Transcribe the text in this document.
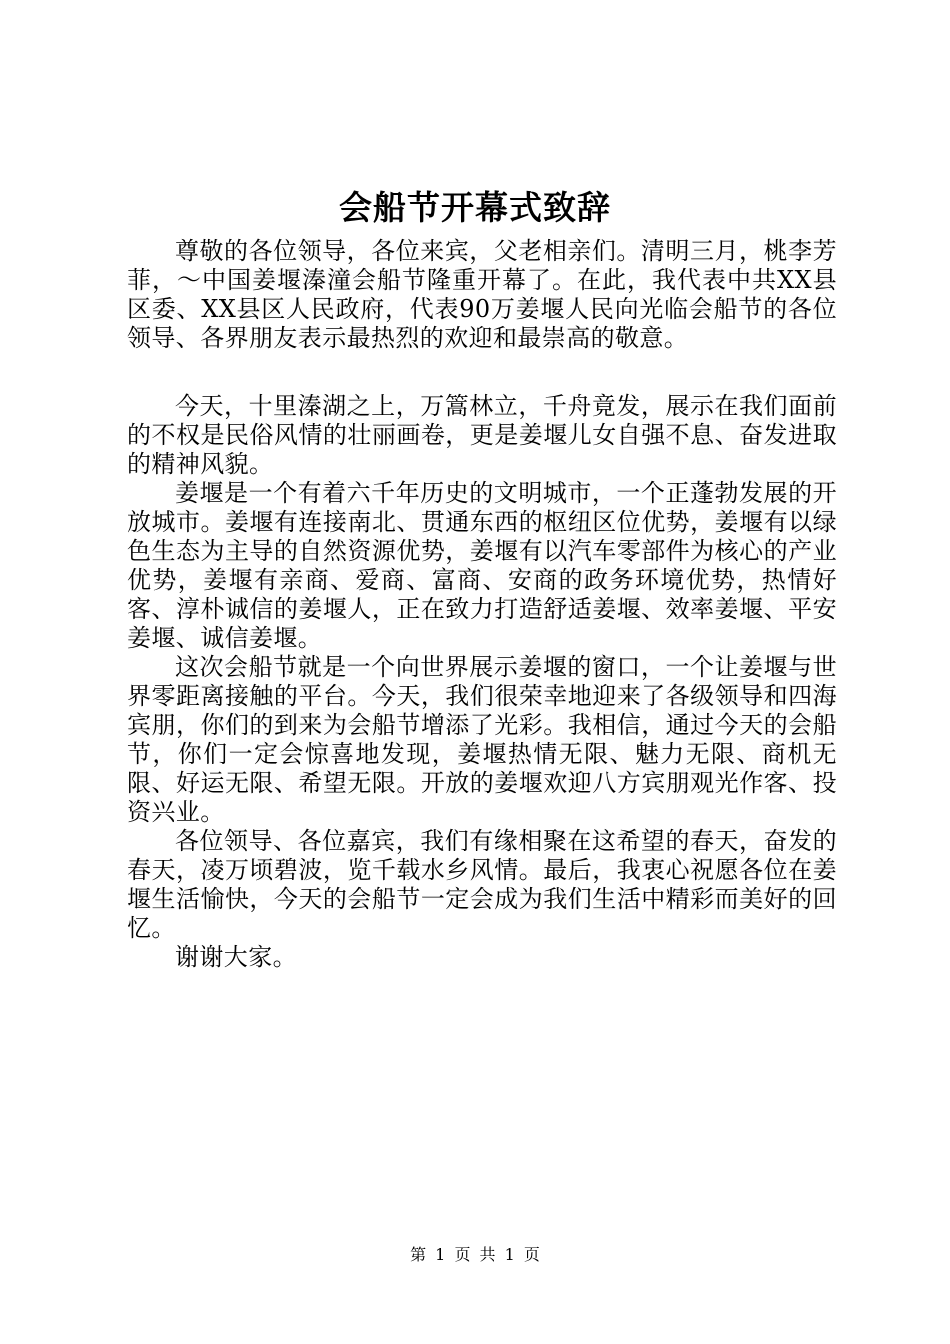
会船节开幕式致辞

尊敬的各位领导，各位来宾，父老相亲们。清明三月，桃李芳菲，～中国姜堰溱潼会船节隆重开幕了。在此，我代表中共XX县区委、XX县区人民政府，代表90万姜堰人民向光临会船节的各位领导、各界朋友表示最热烈的欢迎和最崇高的敬意。

今天，十里溱湖之上，万篙林立，千舟竟发，展示在我们面前的不权是民俗风情的壮丽画卷，更是姜堰儿女自强不息、奋发进取的精神风貌。

姜堰是一个有着六千年历史的文明城市，一个正蓬勃发展的开放城市。姜堰有连接南北、贯通东西的枢纽区位优势，姜堰有以绿色生态为主导的自然资源优势，姜堰有以汽车零部件为核心的产业优势，姜堰有亲商、爱商、富商、安商的政务环境优势，热情好客、淳朴诚信的姜堰人，正在致力打造舒适姜堰、效率姜堰、平安姜堰、诚信姜堰。

这次会船节就是一个向世界展示姜堰的窗口，一个让姜堰与世界零距离接触的平台。今天，我们很荣幸地迎来了各级领导和四海宾朋，你们的到来为会船节增添了光彩。我相信，通过今天的会船节，你们一定会惊喜地发现，姜堰热情无限、魅力无限、商机无限、好运无限、希望无限。开放的姜堰欢迎八方宾朋观光作客、投资兴业。

各位领导、各位嘉宾，我们有缘相聚在这希望的春天，奋发的春天，凌万顷碧波，览千载水乡风情。最后，我衷心祝愿各位在姜堰生活愉快，今天的会船节一定会成为我们生活中精彩而美好的回忆。

谢谢大家。

第 1 页 共 1 页
